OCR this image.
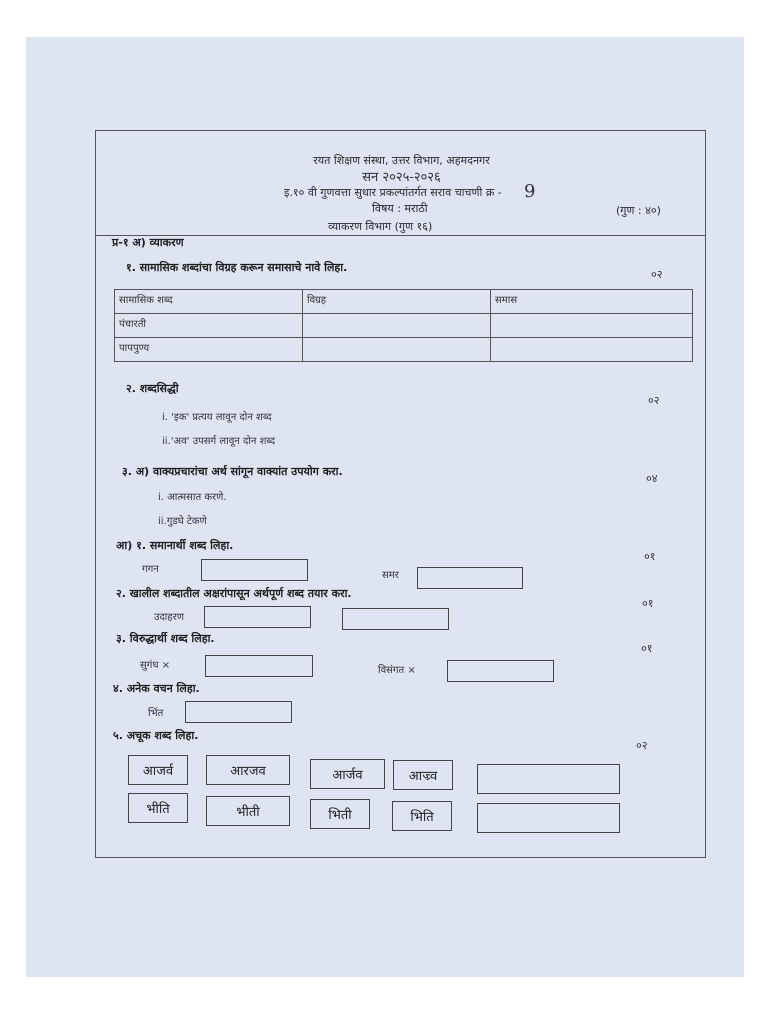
रयत शिक्षण संस्था, उत्तर विभाग, अहमदनगर
सन २०२५-२०२६
इ.१० वी गुणवत्ता सुधार प्रकल्पांतर्गत सराव चाचणी क्र - 9
विषय : मराठी	(गुण : ४०)
व्याकरण विभाग (गुण १६)
प्र-१ अ) व्याकरण
१. सामासिक शब्दांचा विग्रह करून समासाचे नावे लिहा.
०२
सामासिक शब्द	विग्रह	समास
पंचारती		
पापपुण्य		
२. शब्दसिद्धी
०२
i. 'इक' प्रत्यय लावून दोन शब्द
ii.'अव' उपसर्ग लावून दोन शब्द
३. अ) वाक्यप्रचारांचा अर्थ सांगून वाक्यांत उपयोग करा.
०४
i. आत्मसात करणे.
ii.गुडघे टेकणे
आ) १. समानार्थी शब्द लिहा.
०१
गगन
समर
२. खालील शब्दातील अक्षरांपासून अर्थपूर्ण शब्द तयार करा.
०१
उदाहरण
३. विरुद्धार्थी शब्द लिहा.
०१
सुगंध ×	विसंगत ×
४. अनेक वचन लिहा.
भिंत
५. अचूक शब्द लिहा.
०२
आजर्व	आरजव	आर्जव	आज्र्व
भीति	भीती	भिती	भिति
